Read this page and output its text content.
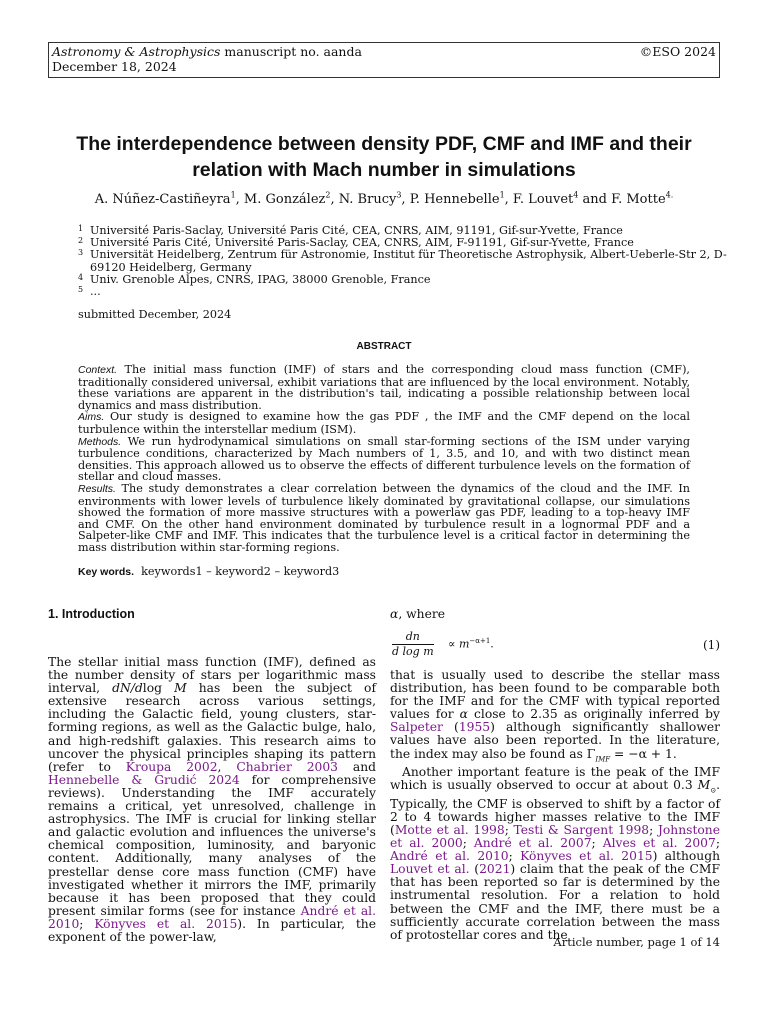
Astronomy & Astrophysics manuscript no. aanda
December 18, 2024
©ESO 2024
The interdependence between density PDF, CMF and IMF and their relation with Mach number in simulations
A. Núñez-Castiñeyra$^1$, M. González$^2$, N. Brucy$^3$, P. Hennebelle$^1$, F. Louvet$^4$ and F. Motte$^{4.}$
1 Université Paris-Saclay, Université Paris Cité, CEA, CNRS, AIM, 91191, Gif-sur-Yvette, France
2 Université Paris Cité, Université Paris-Saclay, CEA, CNRS, AIM, F-91191, Gif-sur-Yvette, France
3 Universität Heidelberg, Zentrum für Astronomie, Institut für Theoretische Astrophysik, Albert-Ueberle-Str 2, D-69120 Heidelberg, Germany
4 Univ. Grenoble Alpes, CNRS, IPAG, 38000 Grenoble, France
5 ...
submitted December, 2024
ABSTRACT

Context. The initial mass function (IMF) of stars and the corresponding cloud mass function (CMF), traditionally considered universal, exhibit variations that are influenced by the local environment. Notably, these variations are apparent in the distribution's tail, indicating a possible relationship between local dynamics and mass distribution.

Aims. Our study is designed to examine how the gas PDF , the IMF and the CMF depend on the local turbulence within the interstellar medium (ISM).

Methods. We run hydrodynamical simulations on small star-forming sections of the ISM under varying turbulence conditions, characterized by Mach numbers of 1, 3.5, and 10, and with two distinct mean densities. This approach allowed us to observe the effects of different turbulence levels on the formation of stellar and cloud masses.

Results. The study demonstrates a clear correlation between the dynamics of the cloud and the IMF. In environments with lower levels of turbulence likely dominated by gravitational collapse, our simulations showed the formation of more massive structures with a powerlaw gas PDF, leading to a top-heavy IMF and CMF. On the other hand environment dominated by turbulence result in a lognormal PDF and a Salpeter-like CMF and IMF. This indicates that the turbulence level is a critical factor in determining the mass distribution within star-forming regions.

Key words. keywords1 – keyword2 – keyword3
1. Introduction

The stellar initial mass function (IMF), defined as the number density of stars per logarithmic mass interval, dN/dlog M has been the subject of extensive research across various settings, including the Galactic field, young clusters, star-forming regions, as well as the Galactic bulge, halo, and high-redshift galaxies. This research aims to uncover the physical principles shaping its pattern (refer to Kroupa 2002, Chabrier 2003 and Hennebelle & Grudić 2024 for comprehensive reviews). Understanding the IMF accurately remains a critical, yet unresolved, challenge in astrophysics. The IMF is crucial for linking stellar and galactic evolution and influences the universe's chemical composition, luminosity, and baryonic content. Additionally, many analyses of the prestellar dense core mass function (CMF) have investigated whether it mirrors the IMF, primarily because it has been proposed that they could present similar forms (see for instance André et al. 2010; Könyves et al. 2015). In particular, the exponent of the power-law,

α, where
$\frac{dn}{\text{d log m}} \propto m^{-\alpha+1}$.	(1)

that is usually used to describe the stellar mass distribution, has been found to be comparable both for the IMF and for the CMF with typical reported values for α close to 2.35 as originally inferred by Salpeter (1955) although significantly shallower values have also been reported. In the literature, the index may also be found as $\Gamma_{IMF} = -\alpha + 1$.

Another important feature is the peak of the IMF which is usually observed to occur at about 0.3 $M_⊙$. Typically, the CMF is observed to shift by a factor of 2 to 4 towards higher masses relative to the IMF (Motte et al. 1998; Testi & Sargent 1998; Johnstone et al. 2000; André et al. 2007; Alves et al. 2007; André et al. 2010; Könyves et al. 2015) although Louvet et al. (2021) claim that the peak of the CMF that has been reported so far is determined by the instrumental resolution. For a relation to hold between the CMF and the IMF, there must be a sufficiently accurate correlation between the mass of protostellar cores and the

Article number, page 1 of 14
